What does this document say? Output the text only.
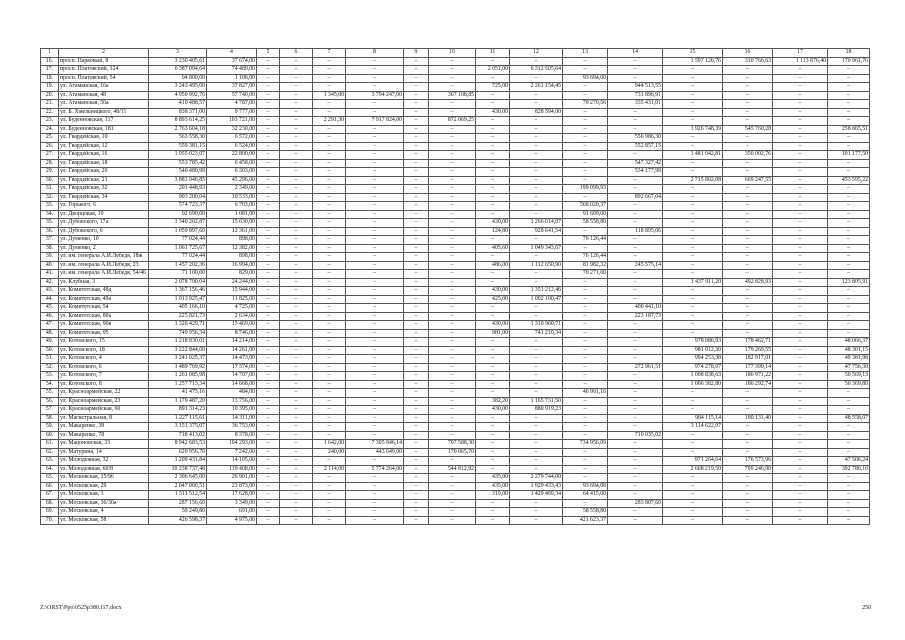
1	2	3	4	5	6	7	8	9	10	11	12	13	14	15	16	17	18
16.	просп. Парковый, 8	3 230 405,61	37 674,00	–	–	–	–	–	–	–	–	–	–	1 597 126,76	310 766,63	1 113 876,40	170 961,76
17.	просп. Платовский, 124	6 387 094,64	74 489,00	–	–	–	–	–	–	2 051,00	6 312 505,64	–	–	–	–	–	–
18.	просп. Платовский, 54	94 800,00	1 106,00	–	–	–	–	–	–	–	–	93 694,00	–	–	–	–	–
19.	ул. Атаманская, 16а	3 243 495,00	37 827,00	–	–	–	–	–	–	725,00	2 261 154,45	–	944 513,55	–	–	–	–
20.	ул. Атаманская, 48	4 950 992,76	57 740,00	–	–	1 345,00	3 794 247,00	–	367 108,85	–	–	–	731 896,91	–	–	–	–
21.	ул. Атаманская, 50а	410 488,57	4 787,00	–	–	–	–	–	–	–	–	70 270,56	335 431,01	–	–	–	–
22.	ул. Б. Хмельницкого, 48/11	838 371,00	9 777,00	–	–	–	–	–	–	430,00	828 594,00	–	–	–	–	–	–
23.	ул. Буденновская, 117	8 893 614,25	103 721,00	–	–	2 291,30	7 917 824,00	–	872 069,25	–	–	–	–	–	–	–	–
24.	ул. Буденновская, 181	2 763 604,18	32 230,00	–	–	–	–	–	–	–	–	–	–	1 926 748,39	545 760,28	–	258 865,51
25.	ул. Гвардейская, 10	563 558,30	6 572,00	–	–	–	–	–	–	–	–	–	556 986,30	–	–	–	–
26.	ул. Гвардейская, 12	559 381,15	6 524,00	–	–	–	–	–	–	–	–	–	552 857,15	–	–	–	–
27.	ул. Гвардейская, 16	1 955 023,07	22 800,00	–	–	–	–	–	–	–	–	–	–	1 481 042,81	350 002,76	–	101 177,50
28.	ул. Гвардейская, 18	553 785,42	6 458,00	–	–	–	–	–	–	–	–	–	547 327,42	–	–	–	–
29.	ул. Гвардейская, 20	540 480,99	6 303,00	–	–	–	–	–	–	–	–	–	534 177,99	–	–	–	–
30.	ул. Гвардейская, 21	3 883 946,85	45 296,00	–	–	–	–	–	–	–	–	–	–	2 715 802,08	669 247,55	–	453 595,22
31.	ул. Гвардейская, 32	201 448,93	2 349,00	–	–	–	–	–	–	–	–	199 099,93	–	–	–	–	–
32.	ул. Гвардейская, 34	903 200,04	10 533,00	–	–	–	–	–	–	–	–	–	892 667,04	–	–	–	–
33.	ул. Горького, 6	574 723,37	6 703,00	–	–	–	–	–	–	–	–	568 020,37	–	–	–	–	–
34.	ул. Дворцовая, 10	92 690,00	1 081,00	–	–	–	–	–	–	–	–	91 609,00	–	–	–	–	–
35.	ул. Дубовского, 17а	1 340 202,87	15 630,00	–	–	–	–	–	–	430,00	1 266 014,07	58 558,80	–	–	–	–	–
36.	ул. Дубовского, 6	1 059 897,60	12 361,00	–	–	–	–	–	–	124,80	928 641,54	–	118 895,06	–	–	–	–
37.	ул. Думенко, 10	77 024,44	898,00	–	–	–	–	–	–	–	–	76 126,44	–	–	–	–	–
38.	ул. Думенко, 2	1 061 725,67	12 382,00	–	–	–	–	–	–	405,60	1 049 343,67	–	–	–	–	–	–
39.	ул. им. генерала А.И.Лебедя, 18ж	77 024,44	898,00	–	–	–	–	–	–	–	–	76 126,44	–	–	–	–	–
40.	ул. им. генерала А.И.Лебедя, 23	1 457 202,36	16 994,00	–	–	–	–	–	–	486,00	1 112 650,90	81 982,32	245 575,14	–	–	–	–
41.	ул. им. генерала А.И.Лебедя, 54/46	71 100,00	829,00	–	–	–	–	–	–	–	–	70 271,00	–	–	–	–	–
42.	ул. Клубная, 3	2 078 790,04	24 244,00	–	–	–	–	–	–	–	–	–	–	1 437 911,20	492 828,93	–	123 805,91
43.	ул. Комитетская, 48д	1 367 156,46	15 944,00	–	–	–	–	–	–	430,00	1 351 212,46	–	–	–	–	–	–
44.	ул. Комитетская, 49а	1 013 925,47	11 825,00	–	–	–	–	–	–	425,00	1 002 100,47	–	–	–	–	–	–
45.	ул. Комитетская, 54	405 166,10	4 725,00	–	–	–	–	–	–	–	–	–	400 441,10	–	–	–	–
46.	ул. Комитетская, 80а	225 821,73	2 634,00	–	–	–	–	–	–	–	–	–	223 187,73	–	–	–	–
47.	ул. Комитетская, 90в	1 326 429,71	15 469,00	–	–	–	–	–	–	430,00	1 310 960,71	–	–	–	–	–	–
48.	ул. Комитетская, 95	749 956,34	8 746,00	–	–	–	–	–	–	981,00	741 210,34	–	–	–	–	–	–
49.	ул. Котовского, 15	1 218 830,01	14 214,00	–	–	–	–	–	–	–	–	–	–	978 086,93	178 462,71	–	48 066,37
50.	ул. Котовского, 18	1 222 844,00	14 261,00	–	–	–	–	–	–	–	–	–	–	981 012,30	179 269,55	–	48 301,15
51.	ул. Котовского, 4	1 241 025,37	14 473,00	–	–	–	–	–	–	–	–	–	–	994 253,38	182 917,01	–	49 381,98
52.	ул. Котовского, 6	1 489 769,92	17 374,00	–	–	–	–	–	–	–	–	–	272 961,51	974 278,97	177 399,14	–	47 756,30
53.	ул. Котовского, 7	1 261 085,98	14 707,00	–	–	–	–	–	–	–	–	–	–	1 008 838,63	186 971,22	–	50 569,13
54.	ул. Котовского, 8	1 257 713,34	14 668,00	–	–	–	–	–	–	–	–	–	–	1 006 382,80	186 292,74	–	50 369,80
55.	ул. Красноармейская, 22	41 475,16	484,00	–	–	–	–	–	–	–	–	40 991,16	–	–	–	–	–
56.	ул. Красноармейская, 23	1 179 487,20	13 756,00	–	–	–	–	–	–	382,20	1 165 731,50	–	–	–	–	–	–
57.	ул. Красноармейская, 60	891 314,23	10 395,00	–	–	–	–	–	–	430,00	880 919,23	–	–	–	–	–	–
58.	ул. Магистральная, 8	1 227 115,61	14 311,00	–	–	–	–	–	–	–	–	–	–	984 115,14	180 131,40	–	48 558,07
59.	ул. Макаренко, 38	3 151 375,07	36 753,00	–	–	–	–	–	–	–	–	–	–	3 114 622,07	–	–	–
60.	ул. Макаренко, 78	718 413,02	8 378,00	–	–	–	–	–	–	–	–	–	710 035,02	–	–	–	–
61.	ул. Мацоновская, 33	8 942 683,53	104 293,00	–	–	1 642,00	7 305 846,14	–	797 588,30	–	–	734 956,09	–	–	–	–	–
62.	ул. Матурина, 14	620 956,70	7 242,00	–	–	240,00	443 649,00	–	170 065,70	–	–	–	–	–	–	–	–
63.	ул. Молодежная, 32	1 209 431,84	14 105,00	–	–	–	–	–	–	–	–	–	–	971 264,64	176 573,96	–	47 506,24
64.	ул. Молодежная, 60/8	10 238 737,48	119 408,00	–	–	2 114,00	5 774 264,00	–	544 812,92	–	–	–	–	2 608 219,50	799 246,90	–	392 786,16
65.	ул. Московская, 15/96	2 306 645,00	26 901,00	–	–	–	–	–	–	435,00	2 279 744,00	–	–	–	–	–	–
66.	ул. Московская, 29	2 047 000,51	23 873,00	–	–	–	–	–	–	435,00	1 929 433,43	93 694,08	–	–	–	–	–
67.	ул. Московская, 3	1 511 512,54	17 628,00	–	–	–	–	–	–	319,00	1 429 469,34	64 415,00	–	–	–	–	–
68.	ул. Московская, 36/30а	287 156,60	3 349,00	–	–	–	–	–	–	–	–	–	283 807,60	–	–	–	–
69.	ул. Московская, 4	59 249,80	691,00	–	–	–	–	–	–	–	–	58 558,80	–	–	–	–	–
70.	ул. Московская, 58	426 598,37	4 975,00	–	–	–	–	–	–	–	–	421 623,37	–	–	–	–	–
Z:\ORST\Ppo\0525p380.f17.docx	250
